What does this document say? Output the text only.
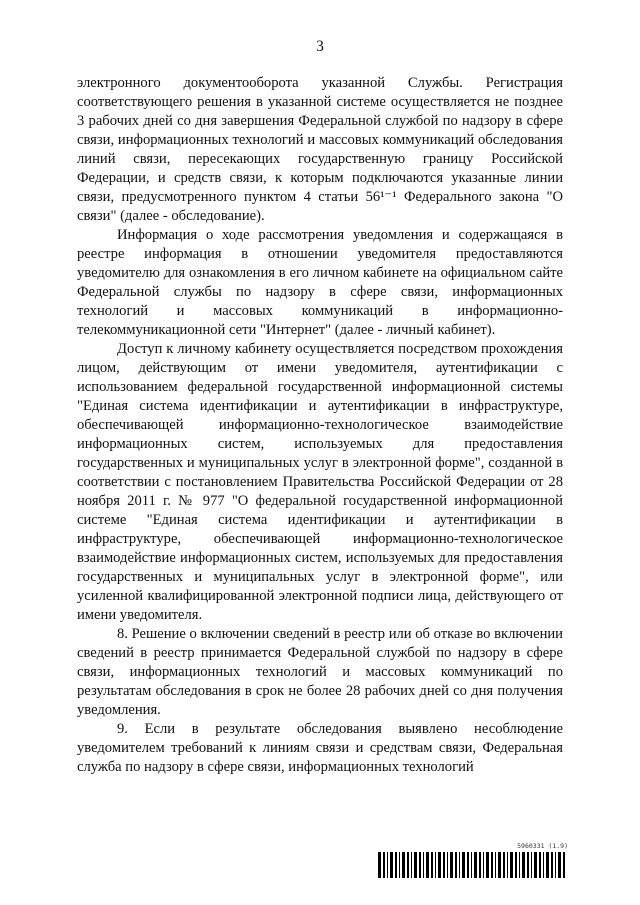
3

электронного документооборота указанной Службы. Регистрация соответствующего решения в указанной системе осуществляется не позднее 3 рабочих дней со дня завершения Федеральной службой по надзору в сфере связи, информационных технологий и массовых коммуникаций обследования линий связи, пересекающих государственную границу Российской Федерации, и средств связи, к которым подключаются указанные линии связи, предусмотренного пунктом 4 статьи 56¹⁻¹ Федерального закона "О связи" (далее - обследование).

Информация о ходе рассмотрения уведомления и содержащаяся в реестре информация в отношении уведомителя предоставляются уведомителю для ознакомления в его личном кабинете на официальном сайте Федеральной службы по надзору в сфере связи, информационных технологий и массовых коммуникаций в информационно-телекоммуникационной сети "Интернет" (далее - личный кабинет).

Доступ к личному кабинету осуществляется посредством прохождения лицом, действующим от имени уведомителя, аутентификации с использованием федеральной государственной информационной системы "Единая система идентификации и аутентификации в инфраструктуре, обеспечивающей информационно-технологическое взаимодействие информационных систем, используемых для предоставления государственных и муниципальных услуг в электронной форме", созданной в соответствии с постановлением Правительства Российской Федерации от 28 ноября 2011 г. № 977 "О федеральной государственной информационной системе "Единая система идентификации и аутентификации в инфраструктуре, обеспечивающей информационно-технологическое взаимодействие информационных систем, используемых для предоставления государственных и муниципальных услуг в электронной форме", или усиленной квалифицированной электронной подписи лица, действующего от имени уведомителя.

8. Решение о включении сведений в реестр или об отказе во включении сведений в реестр принимается Федеральной службой по надзору в сфере связи, информационных технологий и массовых коммуникаций по результатам обследования в срок не более 28 рабочих дней со дня получения уведомления.

9. Если в результате обследования выявлено несоблюдение уведомителем требований к линиям связи и средствам связи, Федеральная служба по надзору в сфере связи, информационных технологий

5960331 (1.9)
